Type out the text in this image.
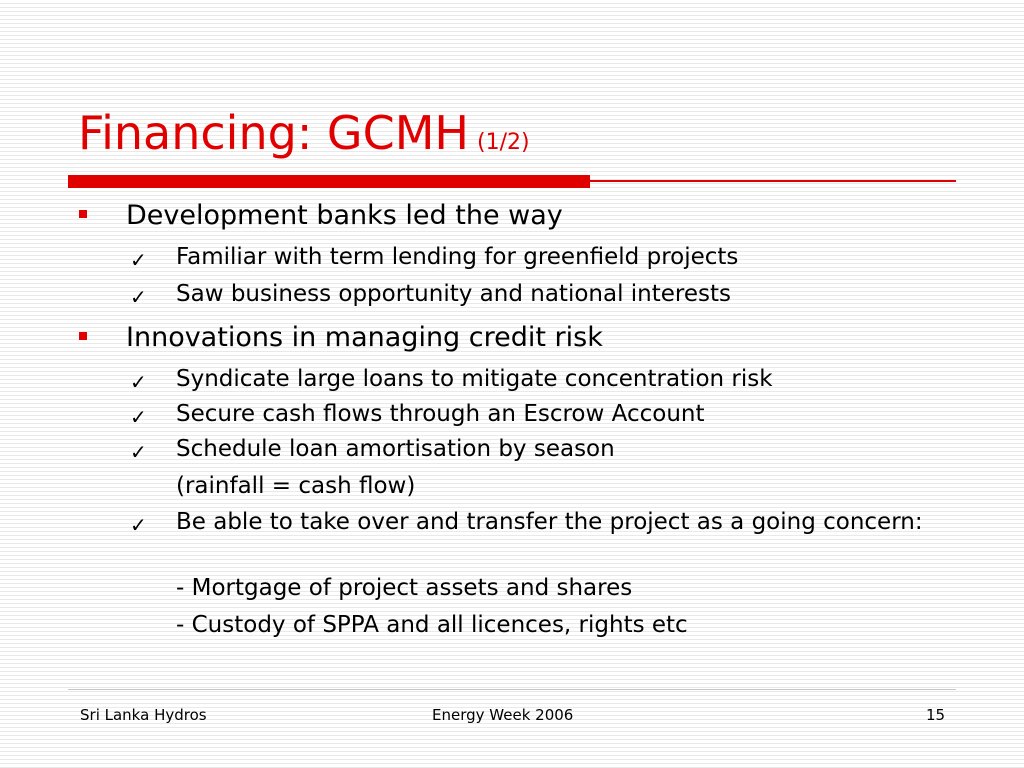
Financing: GCMH (1/2)
Development banks led the way
✓ Familiar with term lending for greenfield projects
✓ Saw business opportunity and national interests
Innovations in managing credit risk
✓ Syndicate large loans to mitigate concentration risk
✓ Secure cash flows through an Escrow Account
✓ Schedule loan amortisation by season
(rainfall = cash flow)
✓ Be able to take over and transfer the project as a going concern:
- Mortgage of project assets and shares
- Custody of SPPA and all licences, rights etc
Sri Lanka Hydros	Energy Week 2006	15
